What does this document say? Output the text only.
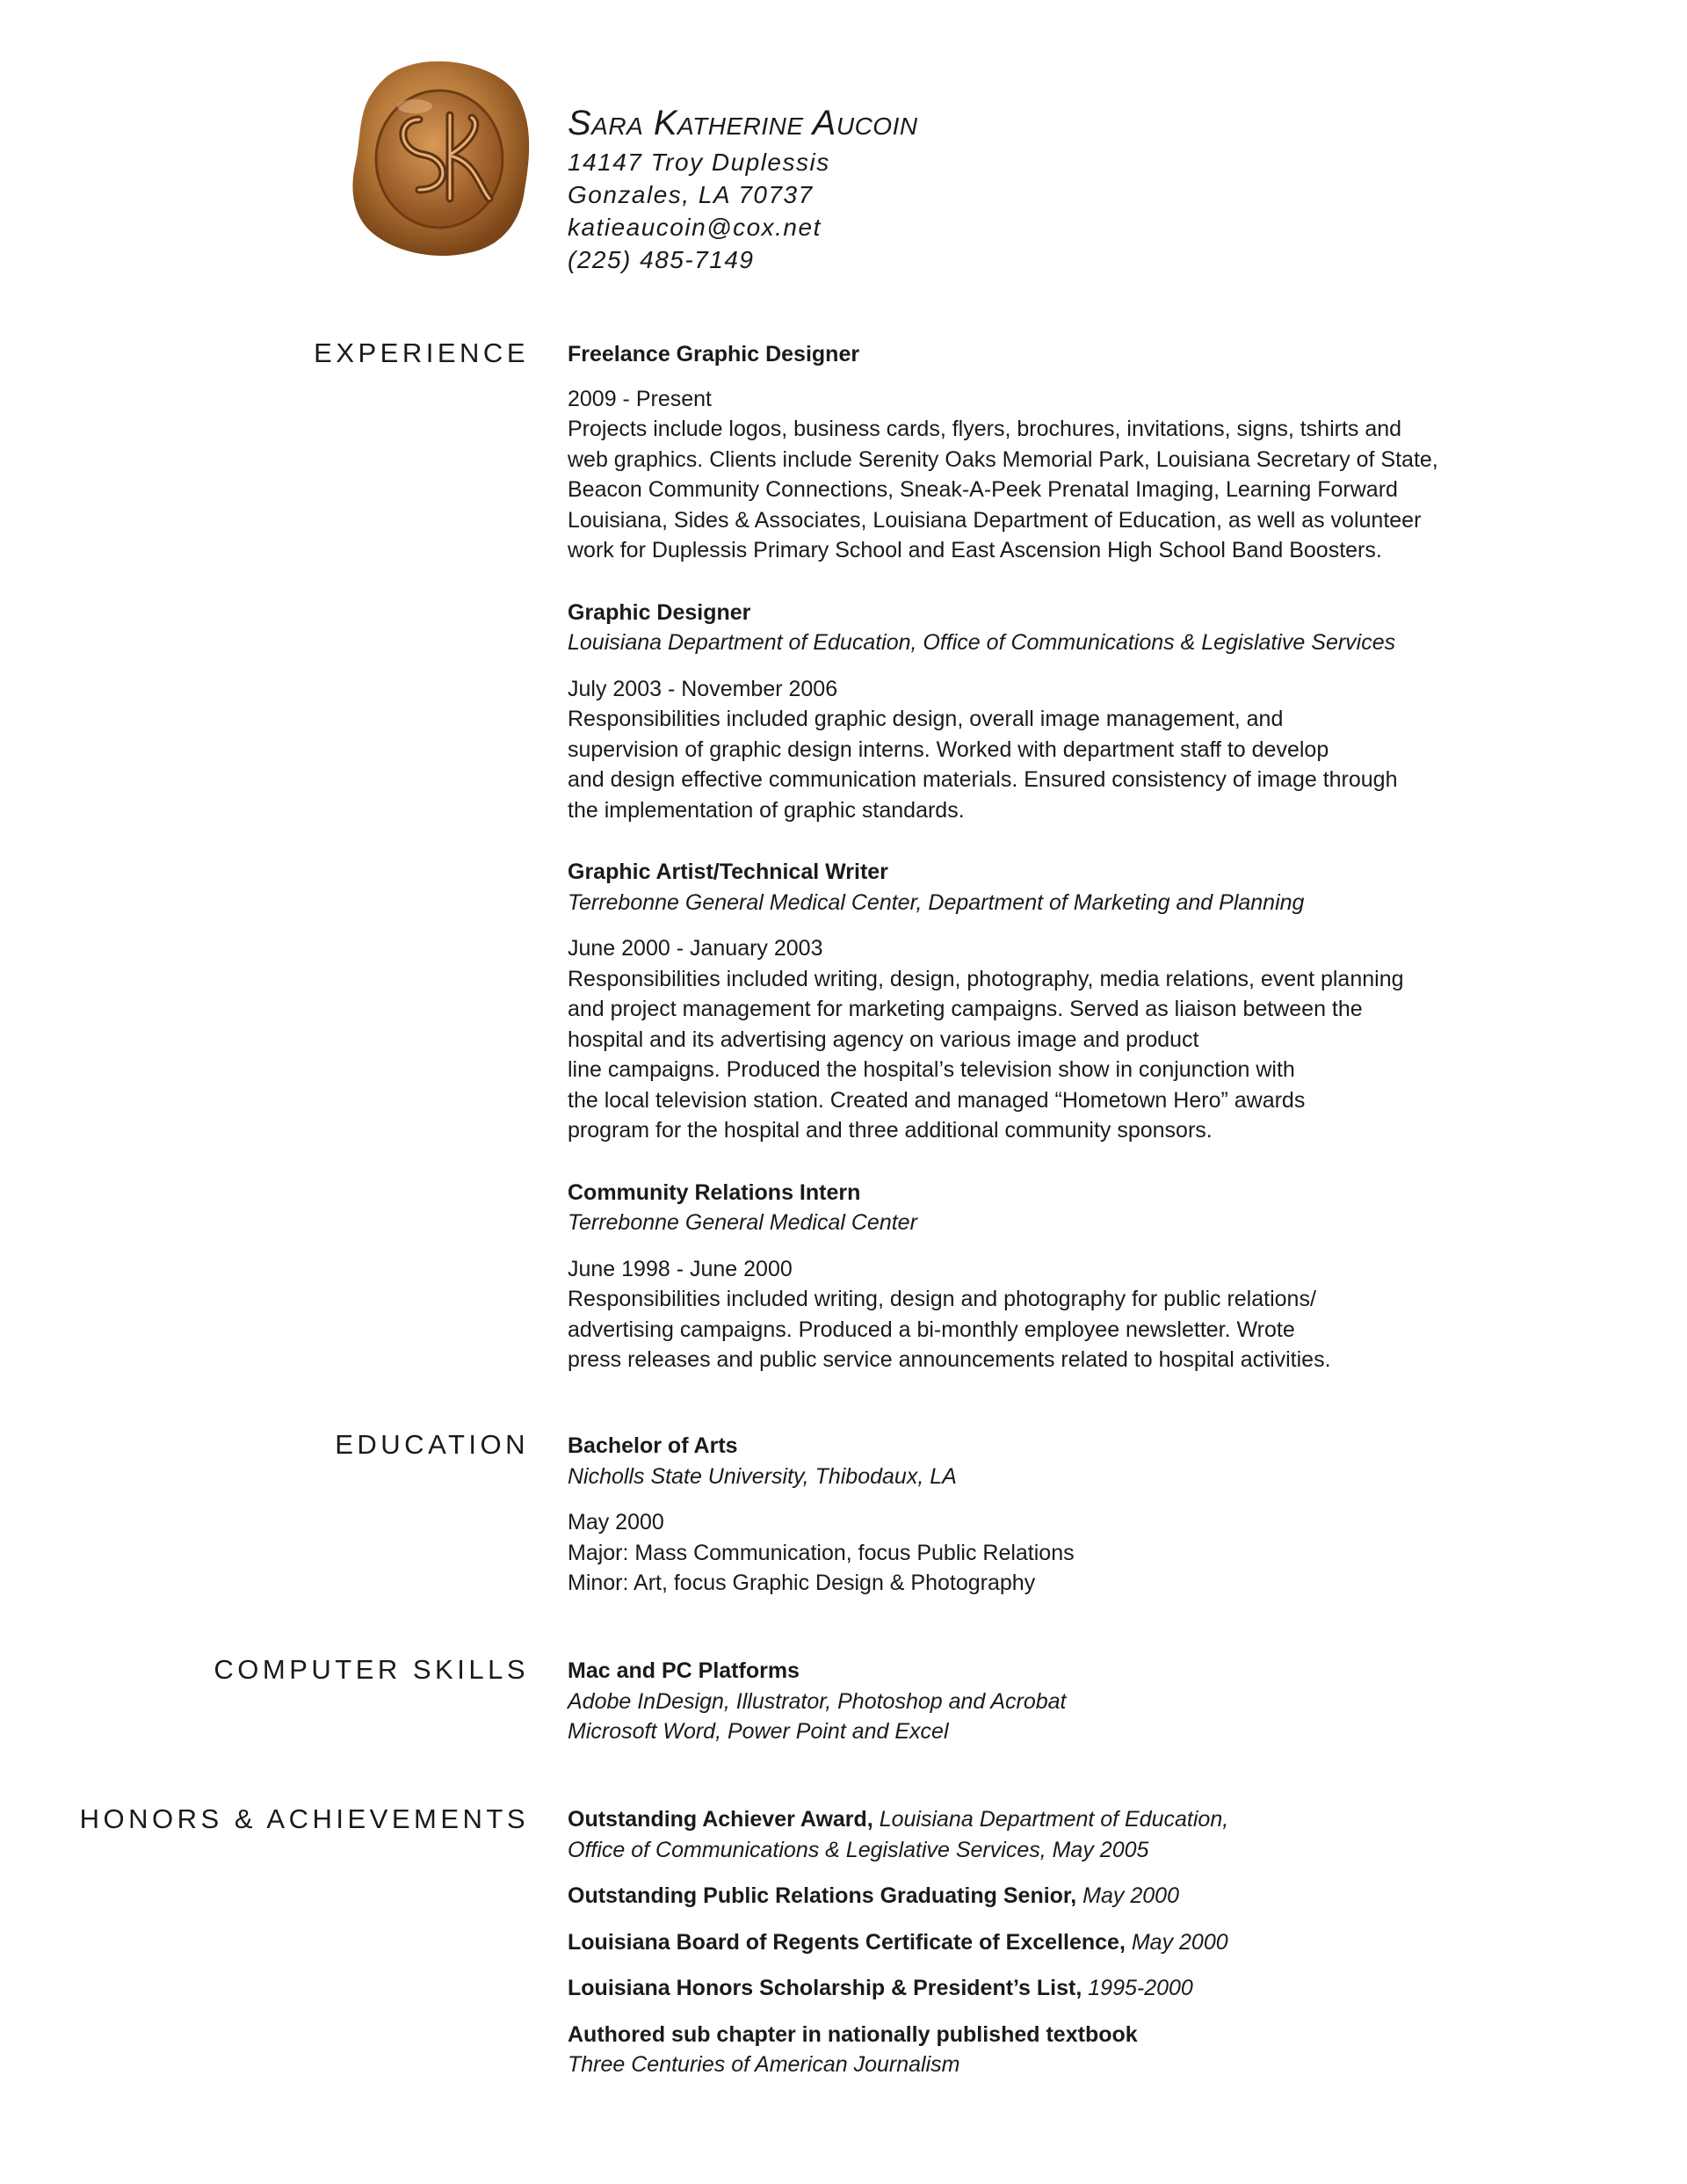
Sara Katherine Aucoin
14147 Troy Duplessis
Gonzales, LA 70737
katieaucoin@cox.net
(225) 485-7149
EXPERIENCE Freelance Graphic Designer
2009 - Present
Projects include logos, business cards, flyers, brochures, invitations, signs, tshirts and
web graphics. Clients include Serenity Oaks Memorial Park, Louisiana Secretary of State,
Beacon Community Connections, Sneak-A-Peek Prenatal Imaging, Learning Forward
Louisiana, Sides & Associates, Louisiana Department of Education, as well as volunteer
work for Duplessis Primary School and East Ascension High School Band Boosters.
Graphic Designer
Louisiana Department of Education, Office of Communications & Legislative Services
July 2003 - November 2006
Responsibilities included graphic design, overall image management, and
supervision of graphic design interns. Worked with department staff to develop
and design effective communication materials. Ensured consistency of image through
the implementation of graphic standards.
Graphic Artist/Technical Writer
Terrebonne General Medical Center, Department of Marketing and Planning
June 2000 - January 2003
Responsibilities included writing, design, photography, media relations, event planning
and project management for marketing campaigns. Served as liaison between the
hospital and its advertising agency on various image and product
line campaigns. Produced the hospital’s television show in conjunction with
the local television station. Created and managed “Hometown Hero” awards
program for the hospital and three additional community sponsors.
Community Relations Intern
Terrebonne General Medical Center
June 1998 - June 2000
Responsibilities included writing, design and photography for public relations/
advertising campaigns. Produced a bi-monthly employee newsletter. Wrote
press releases and public service announcements related to hospital activities.
EDUCATION Bachelor of Arts
Nicholls State University, Thibodaux, LA
May 2000
Major: Mass Communication, focus Public Relations
Minor: Art, focus Graphic Design & Photography
COMPUTER SKILLS Mac and PC Platforms
Adobe InDesign, Illustrator, Photoshop and Acrobat
Microsoft Word, Power Point and Excel
HONORS & ACHIEVEMENTS Outstanding Achiever Award, Louisiana Department of Education,
Office of Communications & Legislative Services, May 2005
Outstanding Public Relations Graduating Senior, May 2000
Louisiana Board of Regents Certificate of Excellence, May 2000
Louisiana Honors Scholarship & President’s List, 1995-2000
Authored sub chapter in nationally published textbook
Three Centuries of American Journalism
